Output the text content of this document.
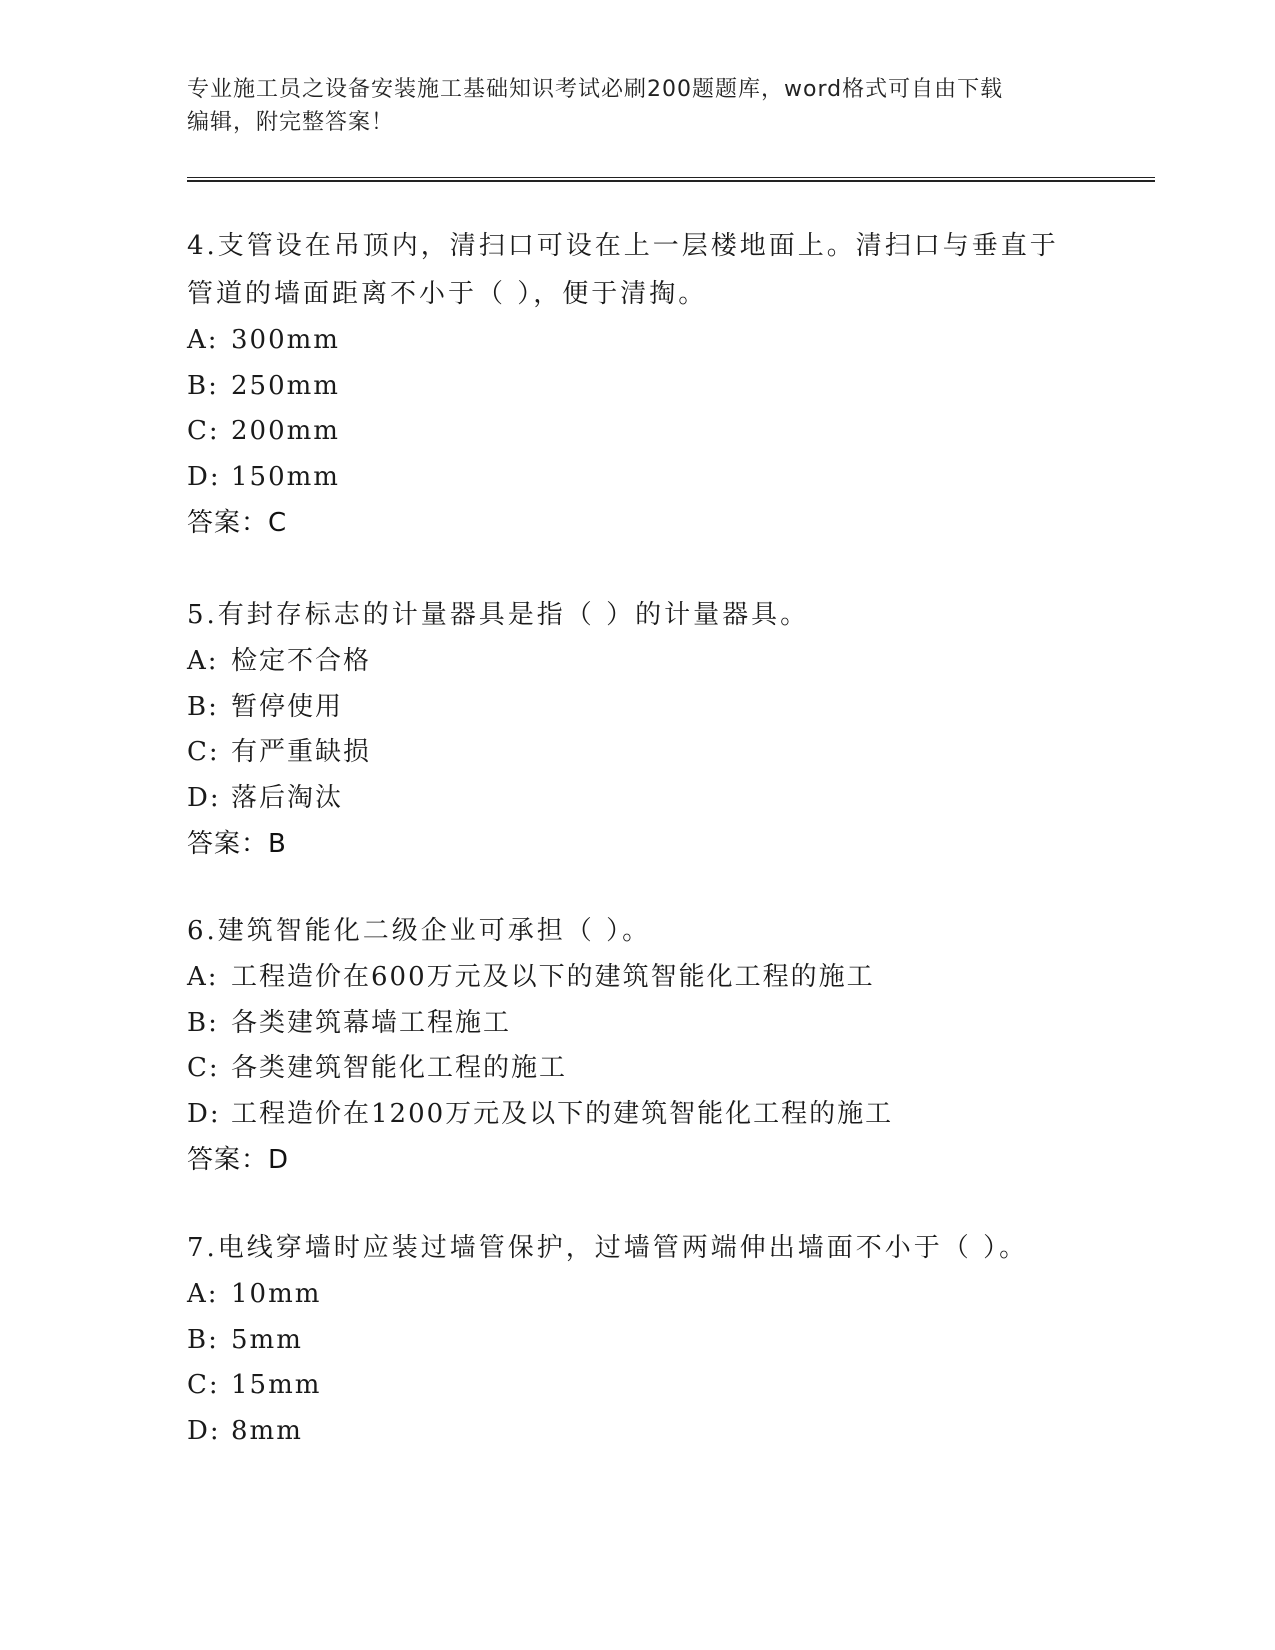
专业施工员之设备安装施工基础知识考试必刷200题题库，word格式可自由下载
编辑，附完整答案！

4.支管设在吊顶内，清扫口可设在上一层楼地面上。清扫口与垂直于
管道的墙面距离不小于（ ），便于清掏。

A: 300mm

B: 250mm

C: 200mm

D: 150mm

答案：C

5.有封存标志的计量器具是指（ ）的计量器具。

A: 检定不合格

B: 暂停使用

C: 有严重缺损

D: 落后淘汰

答案：B

6.建筑智能化二级企业可承担（ ）。

A: 工程造价在600万元及以下的建筑智能化工程的施工

B: 各类建筑幕墙工程施工

C: 各类建筑智能化工程的施工

D: 工程造价在1200万元及以下的建筑智能化工程的施工

答案：D

7.电线穿墙时应装过墙管保护，过墙管两端伸出墙面不小于（ ）。

A: 10mm

B: 5mm

C: 15mm

D: 8mm
